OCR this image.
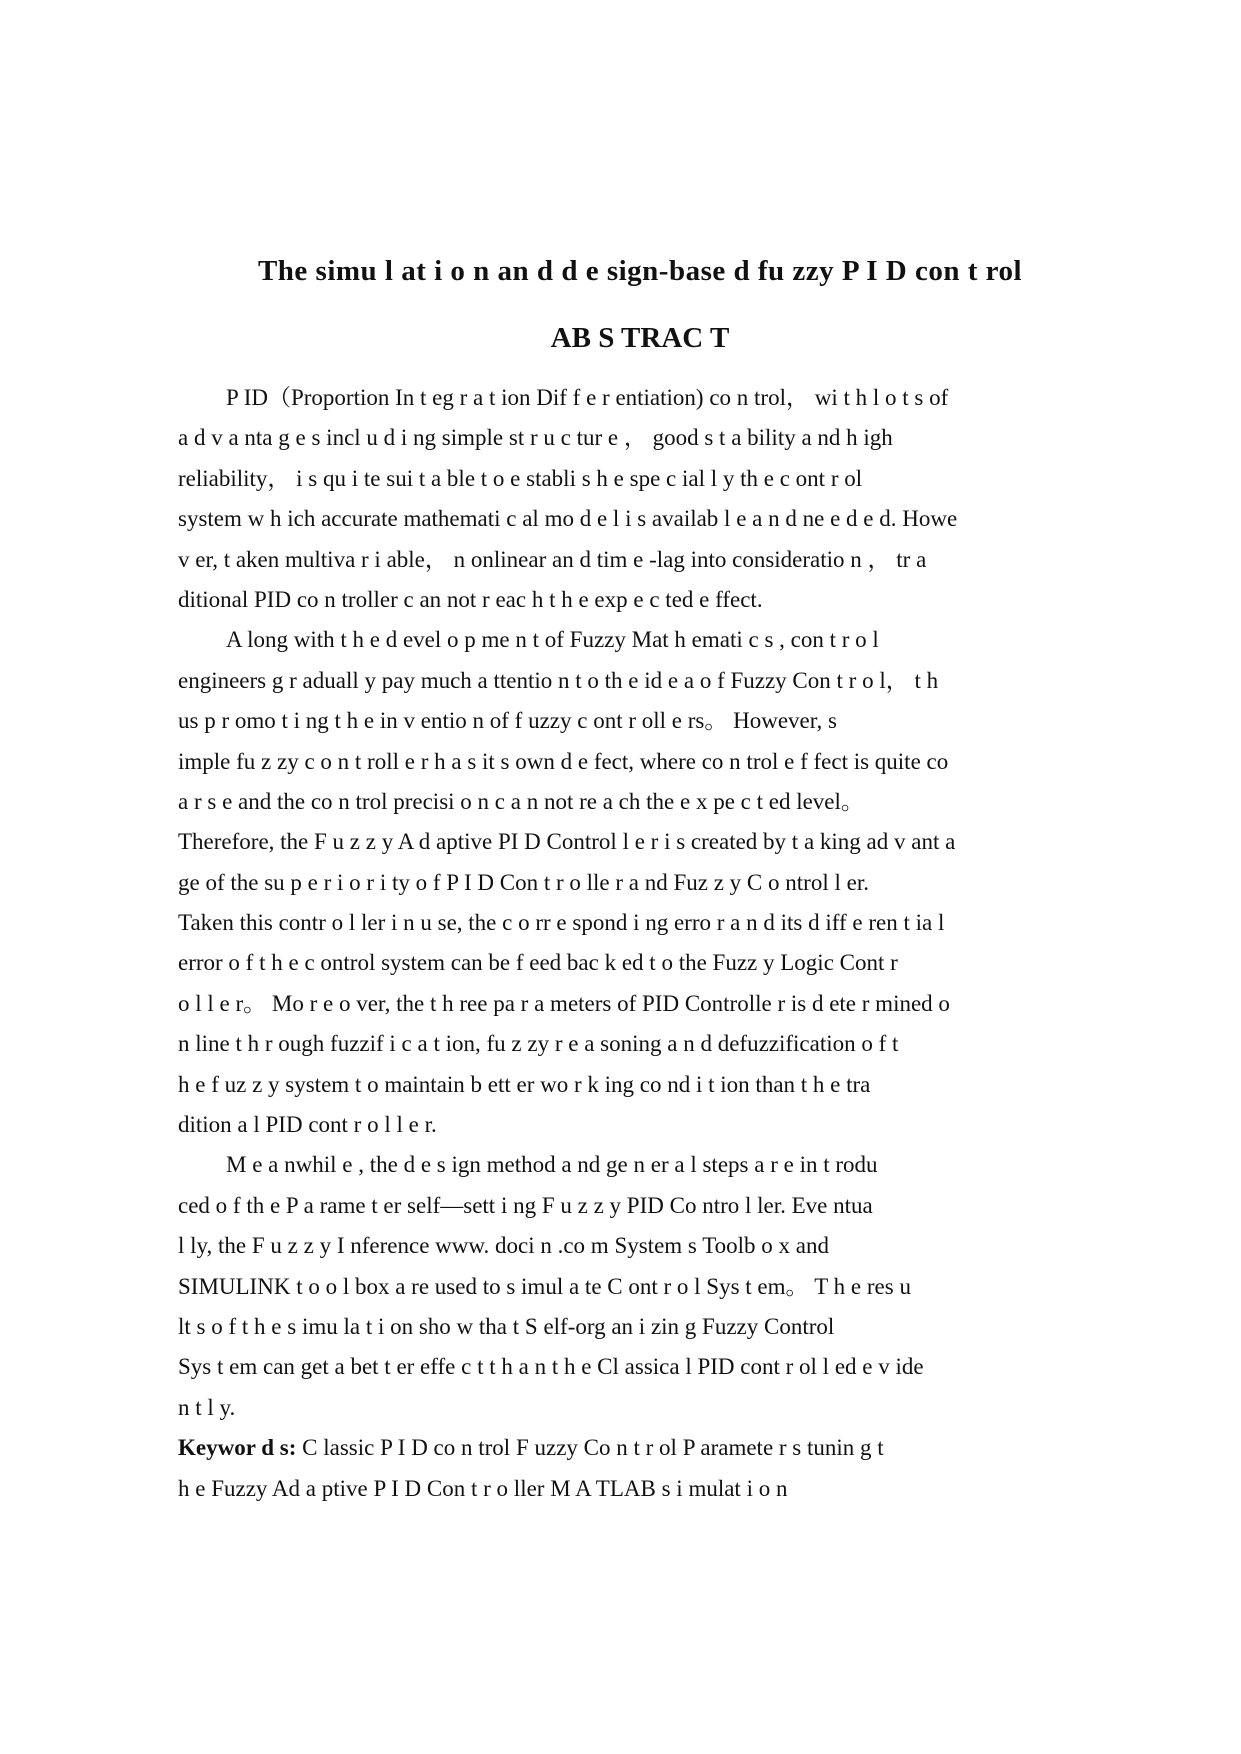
The simu l at i o n an d d e sign-base d fu zzy P I D con t rol
AB S TRAC T
P ID（Proportion In t eg r a t ion Dif f e r entiation) co n trol， wi t h l o t s of
a d v a nta g e s incl u d i ng simple st r u c tur e ， good s t a bility a nd h igh
reliability， i s qu i te sui t a ble t o e stabli s h e spe c ial l y th e c ont r ol
system w h ich accurate mathemati c al mo d e l i s availab l e a n d ne e d e d. Howe
v er, t aken multiva r i able， n onlinear an d tim e -lag into consideratio n ， tr a
ditional PID co n troller c an not r eac h t h e exp e c ted e ffect.
A long with t h e d evel o p me n t of Fuzzy Mat h emati c s , con t r o l
engineers g r aduall y pay much a ttentio n t o th e id e a o f Fuzzy Con t r o l， t h
us p r omo t i ng t h e in v entio n of f uzzy c ont r oll e rs。 However, s
imple fu z zy c o n t roll e r h a s it s own d e fect, where co n trol e f fect is quite co
a r s e and the co n trol precisi o n c a n not re a ch the e x pe c t ed level。
Therefore, the F u z z y A d aptive PI D Control l e r i s created by t a king ad v ant a
ge of the su p e r i o r i ty o f P I D Con t r o lle r a nd Fuz z y C o ntrol l er.
Taken this contr o l ler i n u se, the c o rr e spond i ng erro r a n d its d iff e ren t ia l
error o f t h e c ontrol system can be f eed bac k ed t o the Fuzz y Logic Cont r
o l l e r。 Mo r e o ver, the t h ree pa r a meters of PID Controlle r is d ete r mined o
n line t h r ough fuzzif i c a t ion, fu z zy r e a soning a n d defuzzification o f t
h e f uz z y system t o maintain b ett er wo r k ing co nd i t ion than t h e tra
dition a l PID cont r o l l e r.
M e a nwhil e , the d e s ign method a nd ge n er a l steps a r e in t rodu
ced o f th e P a rame t er self—sett i ng F u z z y PID Co ntro l ler. Eve ntua
l ly, the F u z z y I nference www. doci n .co m System s Toolb o x and
SIMULINK t o o l box a re used to s imul a te C ont r o l Sys t em。 T h e res u
lt s o f t h e s imu la t i on sho w tha t S elf-org an i zin g Fuzzy Control
Sys t em can get a bet t er effe c t t h a n t h e Cl assica l PID cont r ol l ed e v ide
n t l y.
Keywor d s: C lassic P I D co n trol F uzzy Co n t r ol P aramete r s tunin g t
h e Fuzzy Ad a ptive P I D Con t r o ller M A TLAB s i mulat i o n
